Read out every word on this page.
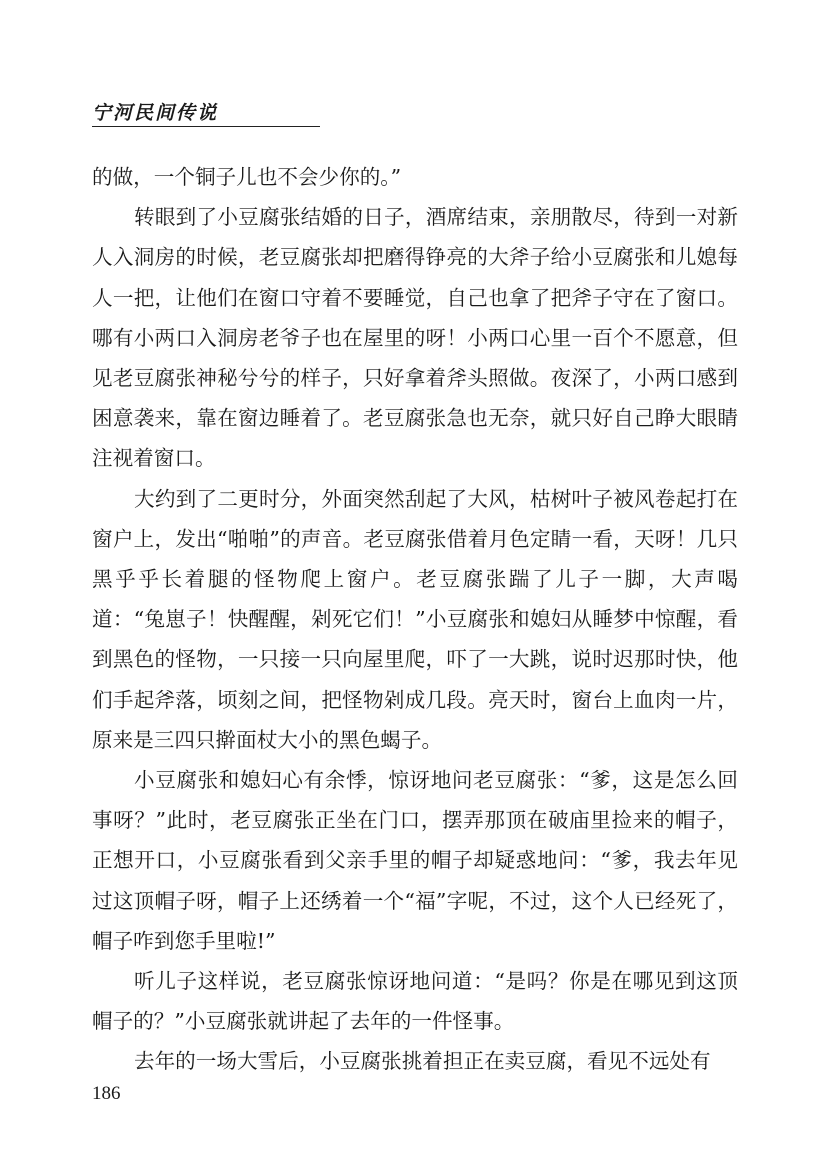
宁河民间传说

的做，一个铜子儿也不会少你的。”

转眼到了小豆腐张结婚的日子，酒席结束，亲朋散尽，待到一对新人入洞房的时候，老豆腐张却把磨得铮亮的大斧子给小豆腐张和儿媳每人一把，让他们在窗口守着不要睡觉，自己也拿了把斧子守在了窗口。哪有小两口入洞房老爷子也在屋里的呀！小两口心里一百个不愿意，但见老豆腐张神秘兮兮的样子，只好拿着斧头照做。夜深了，小两口感到困意袭来，靠在窗边睡着了。老豆腐张急也无奈，就只好自己睁大眼睛注视着窗口。

大约到了二更时分，外面突然刮起了大风，枯树叶子被风卷起打在窗户上，发出“啪啪”的声音。老豆腐张借着月色定睛一看，天呀！几只黑乎乎长着腿的怪物爬上窗户。老豆腐张踹了儿子一脚，大声喝道：“兔崽子！快醒醒，剁死它们！”小豆腐张和媳妇从睡梦中惊醒，看到黑色的怪物，一只接一只向屋里爬，吓了一大跳，说时迟那时快，他们手起斧落，顷刻之间，把怪物剁成几段。亮天时，窗台上血肉一片，原来是三四只擀面杖大小的黑色蝎子。

小豆腐张和媳妇心有余悸，惊讶地问老豆腐张：“爹，这是怎么回事呀？”此时，老豆腐张正坐在门口，摆弄那顶在破庙里捡来的帽子，正想开口，小豆腐张看到父亲手里的帽子却疑惑地问：“爹，我去年见过这顶帽子呀，帽子上还绣着一个“福”字呢，不过，这个人已经死了，帽子咋到您手里啦!”

听儿子这样说，老豆腐张惊讶地问道：“是吗？你是在哪见到这顶帽子的？”小豆腐张就讲起了去年的一件怪事。

去年的一场大雪后，小豆腐张挑着担正在卖豆腐，看见不远处有

186
